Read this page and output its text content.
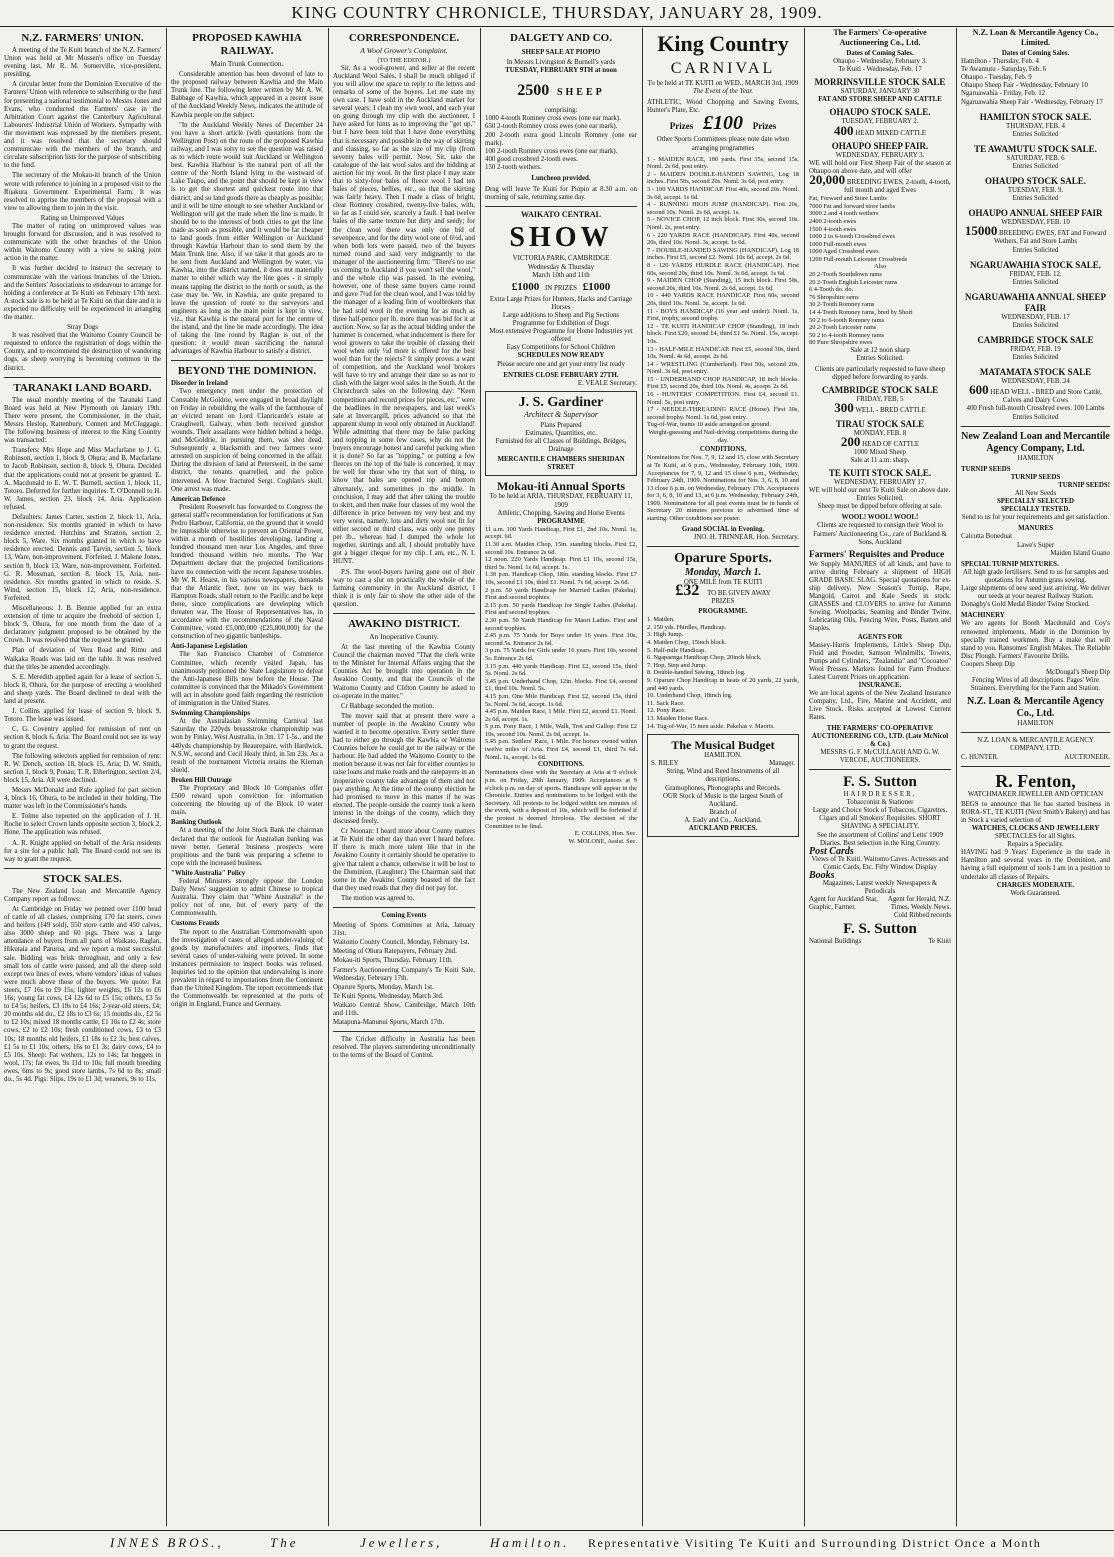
KING COUNTRY CHRONICLE, THURSDAY, JANUARY 28, 1909.
N.Z. FARMERS' UNION.

A meeting of the Te Kuiti branch of the N.Z. Farmers' Union was held at Mr Mussen's office on Tuesday evening last, Mr R. M. Somerville, vice-president, presiding.

A circular letter from the Dominion Executive of the Farmers' Union with reference to subscribing to the fund for presenting a national testimonial to Messrs Jones and Evans, who conducted the Farmers' case in the Arbitration Court against the Canterbury Agricultural Labourers' Industrial Union of Workers. Sympathy with the movement was expressed by the members present, and it was resolved that the secretary should communicate with the members of the branch, and circulate subscription lists for the purpose of subscribing to the fund.

The secretary of the Mokau-iti branch of the Union wrote with reference to joining in a proposed visit to the Ruakura Government Experimental Farm. It was resolved to apprise the members of the proposal with a view to allowing them to join in the visit.

Rating on Unimproved Values

The matter of rating on unimproved values was brought forward for discussion, and it was resolved to communicate with the other branches of the Union within Waitomo County with a view to taking joint action in the matter.

It was further decided to instruct the secretary to communicate with the various branches of the Union, and the Settlers' Associations to endeavour to arrange for holding a conference at Te Kuiti on February 17th next. A stock sale is to be held at Te Kuiti on that date and it is expected no difficulty will be experienced in arranging the matter.

Stray Dogs

It was resolved that the Waitomo County Council be requested to enforce the registration of dogs within the County, and to recommend the destruction of wandering dogs, as sheep worrying is becoming common in the district.

TARANAKI LAND BOARD.

The usual monthly meeting of the Taranaki Land Board was held at New Plymouth on January 19th. There were present, the Commissioner, in the chair, Messrs Heslop, Rattenbury, Connett and McCluggage. The following business of interest to the King Country was transacted:

Transfers: Mrs Hope and Miss Macfarlane to J. G. Robinson, section 1, block 9, Ohura; and B. Macfarlane to Jacob Robinson, section 8, block 9, Ohura. Decided that the applications could not at present be granted. E. A. Macdonald to E. W. T. Burnell, section 1, block 11, Totoro. Deferred for further inquiries. T. O'Donnell to H. W. James, section 23, block 14, Aria. Application refused.

Defaulters: James Carter, section 2, block 11, Aria, non-residence. Six months granted in which to have residence erected. Hutchins and Stratton, section 2, block 5, Ware. Six months granted in which to have residence erected. Dennis and Tarvin, section 5, block 13, Ware, non-improvement. Forfeited. J. Malone Jones, section 9, block 13, Ware, non-improvement. Forfeited. G. R. Mossman, section 8, block 15, Aria, non-residence. Six months granted in which to reside. S. Wind, section 15, block 12, Aria, non-residence. Forfeited.

Miscellaneous: J. B. Bennie applied for an extra extension of time to acquire the freehold of section 1, block 9, Ohura, for one month from the date of a declaratory judgment proposed to be obtained by the Crown. It was resolved that the request be granted.

Plan of deviation of Vera Road and Rimu and Waikaka Roads was laid on the table. It was resolved that the titles be amended accordingly.

S. E. Meredith applied again for a lease of section 5, block 8, Ohura, for the purpose of erecting a woolshed and sheep yards. The Board declined to deal with the land at present.

J. Collins applied for lease of section 9, block 9, Totoro. The lease was issued.

C. G. Coventry applied for remission of rent on section 8, block 6, Aria. The Board could not see its way to grant the request.

The following selectors applied for remission of rent: R. W. Dench, section 18, block 15, Aria; D. W. Smith, section 1, block 9, Pouau; T. R. Etherington, section 2/4, block 15, Aria. All were declined.

Messrs McDonald and Rule applied for part section 4, block 16, Ohura, to be included in their holding. The matter was left in the Commissioner's hands.

E. Tolme also reported on the application of J. H. Roche to select Crown lands opposite section 3, block 2, Hone. The application was refused.

A. R. Knight applied on behalf of the Aria residents for a site for a public hall. The Board could not see its way to grant the request.

STOCK SALES.

The New Zealand Loan and Mercantile Agency Company report as follows:

At Cambridge on Friday we penned over 1100 head of cattle of all classes, comprising 170 fat steers, cows and heifers (149 sold), 550 store cattle and 450 calves, also 3000 sheep and 60 pigs. There was a large attendance of buyers from all parts of Waikato, Raglan, Hikutaia and Paturoa, and we report a most successful sale. Bidding was brisk throughout, and only a few small lots of cattle were passed, and all the sheep sold except two lines of ewes, where vendors' ideas of values were much above those of the buyers. We quote: Fat steers, £7 16s to £9 15s; lighter weights, £6 12s to £6 16s; young fat cows, £4 12s 6d to £5 15s; others, £3 5s to £4 5s; heifers, £3 19s to £4 16s; 2-year-old steers, £4; 20 months old do., £2 18s to £3 6s; 15 months do., £2 5s to £2 10s; mixed 18 months cattle, £1 16s to £2 4s; store cows, £2 to £2 10s; fresh conditioned cows, £3 to £3 10s; 18 months old heifers, £1 18s to £2 3s; best calves, £1 5s to £1 10s; others, 16s to £1 3s; dairy cows, £4 to £5 10s. Sheep: Fat wethers, 12s to 14s; fat hoggets in wool, 17s; fat ewes, 9s 11d to 10s; full mouth breeding ewes, 6ms to 9s; good store lambs, 7s 6d to 8s; small do., 5s 4d. Pigs: Slips, 19s to £1 3d; weaners, 9s to 11s.

PROPOSED KAWHIA RAILWAY.
Main Trunk Connection.

Considerable attention has been devoted of late to the proposed railway between Kawhia and the Main Trunk line. The following letter written by Mr A. W. Babbage of Kawhia, which appeared in a recent issue of the Auckland Weekly News, indicates the attitude of Kawhia people on the subject:

"In the Auckland Weekly News of December 24 you have a short article (with quotations from the Wellington Post) on the route of the proposed Kawhia railway, and I was sorry to see the question was raised as to which route would suit Auckland or Wellington best. Kawhia Harbour is the natural port of all the centre of the North Island lying to the westward of Lake Taupo, and the point that should be kept in view is to get the shortest and quickest route into that district, and so land goods there as cheaply as possible; and it will be time enough to see whether Auckland or Wellington will get the trade when the line is made. It should be to the interests of both cities to get the line made as soon as possible, and it would be far cheaper to land goods from either Wellington or Auckland through Kawhia Harbour than to send them by the Main Trunk line. Also, if we take it that goods are to be sent from Auckland and Wellington by water, via Kawhia, into the district named, it does not materially matter to either which way the line goes - it simply means tapping the district to the north or south, as the case may be. We, in Kawhia, are quite prepared to leave the question of route to the surveyors and engineers as long as the main point is kept in view, viz., that Kawhia is the natural port for the centre of the island, and the line be made accordingly. The idea of taking the line round by Raglan is out of the question; it would mean sacrificing the natural advantages of Kawhia Harbour to satisfy a district.

BEYOND THE DOMINION.
Disorder in Ireland

Two emergency men under the protection of Constable McGoldrie, were engaged in broad daylight on Friday in rebuilding the walls of the farmhouse of an evicted tenant on Lord Clanricarde's estate at Craughwell, Galway, when both received gunshot wounds. Their assailants were hidden behind a hedge, and McGoldrie, in pursuing them, was shot dead. Subsequently a blacksmith and two farmers were arrested on suspicion of being concerned in the affair. During the division of land at Petersweil, in the same district, the tenants quarrelled, and the police intervened. A blow fractured Sergt. Coghlan's skull. One arrest was made.

American Defence

President Roosevelt has forwarded to Congress the general staff's recommendation for fortifications at San Pedro Harbour, California, on the ground that it would be impossible otherwise to prevent an Oriental Power, within a month of hostilities developing, landing a hundred thousand men near Los Angeles, and three hundred thousand within two months. The War Department declare that the projected fortifications have no connection with the recent Japanese troubles. Mr W. R. Hearst, in his various newspapers, demands that the Atlantic fleet, now on its way back to Hampton Roads, shall return to the Pacific and be kept there, since complications are developing which threaten war. The House of Representatives has, in accordance with the recommendations of the Naval Committee, voted £5,000,000 (£25,800,000) for the construction of two gigantic battleships.

Anti-Japanese Legislation

The San Francisco Chamber of Commerce Committee, which recently visited Japan, has unanimously petitioned the State Legislature to defeat the Anti-Japanese Bills now before the House. The committee is convinced that the Mikado's Government will act in absolute good faith regarding the restriction of immigration in the United States.

Swimming Championships

At the Australasian Swimming Carnival last Saturday the 220yds breaststroke championship was won by Finlay, West Australia, in 3m. 17 1-5s., and the 440yds championship by Beaurepaire, with Hardwick, N.S.W., second and Cecil Healy third, in 5m 23s. As a result of the tournament Victoria retains the Kiernan shield.

Broken Hill Outrage

The Proprietary and Block 10 Companies offer £500 reward upon conviction for information concerning the blowing up of the Block 10 water main.

Banking Outlook

At a meeting of the Joint Stock Bank the chairman declared that the outlook for Australian banking was never better. General business prospects were propitious and the bank was preparing a scheme to cope with the increased business.

"White Australia" Policy

Federal Ministers strongly oppose the London Daily News' suggestion to admit Chinese to tropical Australia. They claim that "White Australia" is the policy not of one, but of every party of the Commonwealth.

Customs Frauds

The report to the Australian Commonwealth upon the investigation of cases of alleged under-valuing of goods by manufacturers and importers, finds that several cases of under-valuing were proved. In some instances permission to inspect books was refused. Inquiries led to the opinion that undervaluing is more prevalent in regard to importations from the Continent than the United Kingdom. The report recommends that the Commonwealth be represented at the ports of origin in England, France and Germany.

CORRESPONDENCE.
A Wool Grower's Complaint.
(TO THE EDITOR.)

Sir, As a wool-grower, and seller at the recent Auckland Wool Sales, I shall be much obliged if you will allow me space to reply to the letters and remarks of some of the buyers. Let me state my own case. I have sold in the Auckland market for several years; I clean my own wool, and each year on going through my clip with the auctioneer, I have asked for hints as to improving the "get up," but I have been told that I have done everything that is necessary and possible in the way of skirting and classing, so far as the size of my clip (from seventy bales will permit. Now, Sir, take the catalogue of the last wool sales and the bidding at auction for my wool. In the first place I may state that to sixty-four bales of fleece wool I had ten bales of pieces, bellies, etc., so that the skirting was fairly heavy. Then I made a class of bright, clear Romney crossbred, twenty-five bales, with, so far as I could see, scarcely a fault. I had twelve bales of the same texture but dirty and seedy; for the clean wool there was only one bid of sevenpence, and for the dirty wool one of 6½d, and when both lots were passed, two of the buyers turned round and said very indignantly to the manager of the auctioneering firm: "There's no use us coming to Auckland if you won't sell the wool," and the whole clip was passed. In the evening, however, one of those same buyers came round and gave 7¼d for the clean wool, and I was told by the manager of a leading firm of woolbrokers that he had sold wool in the evening for as much as three half-pence per lb. more than was bid for it at auction. Now, so far as the actual bidding under the hammer is concerned, what inducement is there for wool growers to take the trouble of classing their wool when only ½d more is offered for the best wool than for the rejects? It simply proves a want of competition, and the Auckland wool brokers will have to try and arrange their date so as not to clash with the larger wool sales in the South. At the Christchurch sales on the following day: "Keen competition and record prices for pieces, etc," were the headlines in the newspapers, and last week's sale at Invercargill, prices advanced so that the apparent slump in wool only obtained in Auckland! While admitting that there may be false packing and topping in some few cases, why do not the buyers encourage honest and careful packing when it is done? So far as "topping," or putting a few fleeces on the top of the bale is concerned, it may be well for those who try that sort of thing, to know that bales are opened top and bottom alternately, and sometimes in the middle. In conclusion, I may add that after taking the trouble to skirt, and then make four classes of my wool the difference in price between my very best and my very worst, namely, lots and dirty wool not fit for either second or third class, was only one penny per lb., whereas had I dumped the whole lot together, skirtings and all, I should probably have got a bigger cheque for my clip. I am, etc., N. I. HUNT.

P.S. The wool-buyers having gone out of their way to cast a slur on practically the whole of the farming community in the Auckland district, I think it is only fair to show the other side of the question.

AWAKINO DISTRICT.
An Inoperative County.

At the last meeting of the Kawhia County Council the chairman moved "That the clerk write to the Minister for Internal Affairs urging that the Counties Act be brought into operation in the Awakino County, and that the Councils of the Waitomo County and Clifton County be asked to co-operate in the matter."

Cr Babbage seconded the motion.

The mover said that at present there were a number of people in the Awakino County who wanted it to become operative. Every settler there had to either go through the Kawhia or Waitomo Counties before he could get to the railway or the harbour. He had added the Waitomo County to the motion because it was not fair for either counties to raise loans and make roads and the ratepayers in an inoperative county take advantage of them and not pay anything. At the time of the county election he had promised to move in this matter if he was elected. The people outside the county took a keen interest in the doings of the county, which they discussed freely.

Cr Noonan: I heard more about County matters at Te Kuiti the other day than ever I heard before. If there is much more talent like that in the Awakino County it certainly should be operative to give that talent a chance, otherwise it will be lost to the Dominion. (Laughter.) The Chairman said that some in the Awakino County boasted of the fact that they used roads that they did not pay for.

The motion was agreed to.

Coming Events
Meeting of Sports Committee at Aria, January 31st.
Waitomo County Council, Monday, February 1st.
Meeting of Ohura Ratepayers, February 2nd.
Mokau-iti Sports, Thursday, February 11th.
Farmer's Auctioneering Company's Te Kuiti Sale, Wednesday, February 17th.
Oparure Sports, Monday, March 1st.
Te Kuiti Sports, Wednesday, March 3rd.
Waikato Central Show, Cambridge, March 10th and 11th.
Matapuna-Manunui Sports, March 17th.

The Cricket difficulty in Australia has been resolved. The players surrendering unconditionally to the terms of the Board of Control.

DALGETY AND CO.
SHEEP SALE AT PIOPIO
In Messrs Livingston & Burnell's yards
TUESDAY, FEBRUARY 9TH at noon
2500 SHEEP
comprising:
1000 4-tooth Romney cross ewes (one ear mark).
650 2-tooth Romney cross ewes (one ear mark).
200 2-tooth extra good Lincoln Romney (one ear mark).
100 2-tooth Romney cross ewes (one ear mark).
400 good crossbred 2-tooth ewes.
150 2-tooth wethers.
Luncheon provided.
Drag will leave Te Kuiti for Piopio at 8.30 a.m. on morning of sale, returning same day.
WAIKATO CENTRAL
SHOW
VICTORIA PARK, CAMBRIDGE
Wednesday & Thursday
March 10th and 11th
£1000 IN PRIZES £1000
Extra Large Prizes for Hunters, Hacks and Carriage Horses
Large additions to Sheep and Pig Sections
Programme for Exhibition of Dogs
Most extensive Programme for Home Industries yet offered
Easy Competitions for School Children
SCHEDULES NOW READY
Please secure one and get your entry list ready
ENTRIES CLOSE FEBRUARY 27TH.
E. VEALE Secretary.
J. S. Gardiner
Architect & Supervisor
Plans Prepared
Estimates, Quantities, etc.
Furnished for all Classes of Buildings, Bridges, Drainage
MERCANTILE CHAMBERS SHERIDAN STREET
Mokau-iti Annual Sports
To be held at ARIA, THURSDAY, FEBRUARY 11, 1909
Athletic, Chopping, Sawing and Horse Events
PROGRAMME
11 a.m. 100 Yards Handicap, First £1, 2nd 10s. Noml. 1s, accept. 6d.
11.30 a.m. Maiden Chop, 15in. standing blocks. First £2, second 10s. Entrance 2s 6d.
12 noon. 220 Yards Handicap. First £1 10s, second 15s, third 5s. Noml. 1s 6d, accept. 1s.
1.30 p.m. Handicap Chop, 18in. standing blocks. First £7 10s, second £1 10s, third £1. Noml. 7s 6d, accept. 2s 6d.
2 p.m. 50 yards Handicap for Married Ladies (Pakeha). First and second trophies.
2.15 p.m. 50 yards Handicap for Single Ladies (Pakeha). First and second trophies.
2.30 p.m. 50 Yards Handicap for Maori Ladies. First and second trophies.
2.45 p.m. 75 Yards for Boys under 16 years. First 10s, second 5s. Entrance 2s 6d.
3 p.m. 75 Yards for Girls under 16 years. First 10s, second 5s. Entrance 2s 6d.
3.15 p.m. 440 yards Handicap. First £2, second 15s, third 5s. Noml. 2s 6d.
3.45 p.m. Underhand Chop, 12in. blocks. First £4, second £1, third 10s. Noml. 5s.
4.15 p.m. One Mile Handicap. First £2, second 15s, third 5s. Noml. 3s 6d, accept. 1s 6d.
4.45 p.m. Maiden Race, 1 Mile. First £2, second £1. Noml. 2s 6d, accept. 1s.
5 p.m. Pony Race, 1 Mile, Walk, Trot and Gallop. First £2 10s, second 10s. Noml. 2s 6d, accept. 1s.
5.45 p.m. Settlers' Race, 1 Mile. For horses owned within twelve miles of Aria. First £4, second £1, third 7s 6d. Noml. 1s, accept. 1s 6d.
CONDITIONS.
Nominations close with the Secretary at Aria at 9 o'clock p.m. on Friday, 29th January, 1909. Acceptances at 9 o'clock p.m. on day of sports. Handicaps will appear in the Chronicle. Entries and nominations to be lodged with the Secretary. All protests to be lodged within ten minutes of the event, with a deposit of 10s, which will be forfeited if the protest is deemed frivolous. The decision of the Committee to be final.
E. COLLINS, Hon. Sec.
W. MOLONE, Assist. Sec.
King Country
CARNIVAL
To be held at TE KUITI on WED., MARCH 3rd, 1909
The Event of the Year.
ATHLETIC, Wood Chopping and Sawing Events, Hunter's Plate, Etc.
Prizes £100 Prizes
Other Sports Committees please note date when arranging programmes
1 - MAIDEN RACE, 100 yards. First 35s, second 15s. Noml. 2s 6d, post entry.
2 - MAIDEN DOUBLE-HANDED SAWING, Log 18 inches. First 50s, second 20s. Noml. 3s 6d, post entry.
3 - 100 YARDS HANDICAP. First 40s, second 20s. Noml. 3s 6d, accept. 1s 6d.
4 - RUNNING HIGH JUMP (HANDICAP). First 20s, second 10s. Noml. 2s 6d, accept. 1s.
5 - NOVICE CHOP, 12 inch block. First 30s, second 10s. Noml. 2s, post entry.
6 - 220 YARDS RACE (HANDICAP). First 40s, second 20s, third 10s. Noml. 3s, accept. 1s 6d.
7 - DOUBLE-HANDED SAWING (HANDICAP). Log 18 inches. First £5, second £2. Noml. 10s 6d, accept. 2s 6d.
8 - 120 YARDS HURDLE RACE (HANDICAP). First 60s, second 20s, third 10s. Noml. 3s 6d, accept. 1s 6d.
9 - MAIDEN CHOP (Standing), 15 inch block. First 50s, second 20s, third 10s. Noml. 2s 6d, accept. 1s 6d.
10 - 440 YARDS RACE HANDICAP. First 60s, second 20s, third 10s. Noml. 3s, accept. 1s 6d.
11 - BOYS HANDICAP (16 year and under). Noml. 1s. First, trophy, second trophy.
12 - TE KUITI HANDICAP CHOP (Standing), 18 inch block. First £20, second £4, third £1 5s. Noml. 15s, accept. 10s.
13 - HALF-MILE HANDICAP. First £5, second 30s, third 10s. Noml. 4s 6d, accept. 2s 6d.
14 - WRESTLING (Cumberland). First 50s, second 20s. Noml. 3s 6d, post entry.
15 - UNDERHAND CHOP HANDICAP, 18 inch blocks. First £5, second 20s, third 10s. Noml. 4s, accept. 2s 6d.
16 - HUNTERS' COMPETITION. First £4, second £1. Noml. 5s, post entry.
17 - NEEDLE-THREADING RACE (Horse). First 30s, second trophy. Noml. 1s 6d, post entry.
Tug-of-War, teams 10 aside arranged on ground.
Weight-guessing and Nail-driving competitions during the day.
CONDITIONS.
Nominations for Nos. 7, 9, 12 and 15, close with Secretary at Te Kuiti, at 6 p.m., Wednesday, February 10th, 1909. Acceptances for 7, 9, 12 and 15 close 6 p.m., Wednesday, February 24th, 1909. Nominations for Nos. 3, 6, 8, 10 and 13 close 6 p.m. on Wednesday, February 17th. Acceptances for 3, 6, 8, 10 and 13, at 6 p.m. Wednesday, February 24th, 1909. Nominations for all post events must be in hands of Secretary 20 minutes previous to advertised time of starting. Other conditions see poster.
Grand SOCIAL in Evening.
JNO. H. TRINNEAR, Hon. Secretary.
Oparure Sports.
Monday, March 1.
ONE MILE from TE KUITI
£32 TO BE GIVEN AWAY
PRIZES
PROGRAMME.
1. Maiden.
2. 150 yds. Hurdles, Handicap.
3. High Jump.
4. Maiden Chop, 15inch block.
5. Half-mile Handicap.
6. Ngapaenga Handicap Chop, 20inch block.
7. Hop, Step and Jump.
8. Double-handed Sawing, 18inch log.
9. Oparure Chop Handicap in heats of 20 yards, 22 yards, and 440 yards.
10. Underhand Chop, 18inch log.
11. Sack Race.
12. Pony Race.
13. Maiden Horse Race.
14. Tug-of-War, 15 men aside. Pakehas v. Maoris.
The Musical Budget
HAMILTON.
S. RILEY	Manager.
String, Wind and Reed Instruments of all descriptions.
Gramophones, Phonographs and Records.
OUR Stock of Music is the largest South of Auckland.
Branch of
A. Eady and Co., Auckland.
AUCKLAND PRICES.
The Farmers' Co-operative Auctioneering Co., Ltd.
Dates of Coming Sales.
Ohaupo - Wednesday, February 3.
Te Kuiti - Wednesday, Feb. 17
MORRINSVILLE STOCK SALE
SATURDAY, JANUARY 30
FAT AND STORE SHEEP AND CATTLE
OHAUPO STOCK SALE.
TUESDAY, FEBRUARY 2.
400 HEAD MIXED CATTLE
OHAUPO SHEEP FAIR.
WEDNESDAY, FEBRUARY 3.
WE will hold our First Sheep Fair of the season at Ohaupo on above date, and will offer
20,000 BREEDING EWES, 2-tooth, 4-tooth, full mouth and aged Ewes
Fat, Forward and Store Lambs
7000 Fat and forward store lambs
3000 2 and 4 tooth wethers
2400 2-tooth ewes
1500 4-tooth ewes
1000 2 to 6-tooth Crossbred ewes
1000 Full-mouth ewes
1000 Aged Crossbred ewes
1200 Full-mouth Leicester Crossbreds
Also
20 2-Tooth Southdown rams
20 2-Tooth English Leicester rams
6 4-Tooth do. do.
76 Shropshire rams
30 2-Tooth Romney rams
14 4-Tooth Romney rams, bred by Short
50 2 to 6-tooth Romney rams
20 2-Tooth Leicester rams
50 2 to 4-tooth Romney rams
80 Pure Shropshire ewes
Sale at 12 noon sharp
Entries Solicited.
Clients are particularly requested to have sheep dipped before forwarding to yards.
CAMBRIDGE STOCK SALE
FRIDAY, FEB. 5
300 WELL - BRED CATTLE
TIRAU STOCK SALE
MONDAY, FEB. 8
200 HEAD OF CATTLE
1000 Mixed Sheep
Sale at 11 a.m. sharp.
TE KUITI STOCK SALE.
WEDNESDAY, FEBRUARY 17.
WE will hold our next Te Kuiti Sale on above date.
Entries Solicited.
Sheep must be dipped before offering at sale.
WOOL! WOOL! WOOL!
Clients are requested to consign their Wool to Farmers' Auctioneering Co., care of Buckland & Sons, Auckland
Farmers' Requisites and Produce
We Supply MANURES of all kinds, and have to arrive during February a shipment of HIGH GRADE BASIC SLAG. Special quotations for ex-ship delivery. New Season's Turnip, Rape, Mangold, Carrot and Kale Seeds in stock. GRASSES and CLOVERS to arrive for Autumn Sowing. Woolpacks, Seaming and Binder Twine, Lubricating Oils, Fencing Wire, Posts, Batten and Staples.
AGENTS FOR
Massey-Harris Implements, Little's Sheep Dip, Fluid and Powder, Samson Windmills, Towers, Pumps and Cylinders, "Zealandia" and "Cocoatoo" Wool Presses. Markets found for Farm Produce. Latest Current Prices on application.
INSURANCE.
We are local agents of the New Zealand Insurance Company, Ltd., Fire, Marine and Accident, and Live Stock. Risks accepted at Lowest Current Rates.
THE FARMERS' CO-OPERATIVE AUCTIONEERING CO., LTD. (Late McNicol & Co.)
MESSRS G. F. McCULLAGH AND G. W. VERCOE, AUCTIONEERS.
F. S. Sutton
HAIRDRESSER,
Tobacconist & Stationer
Large and Choice Stock of Tobaccos, Cigarettes, Cigars and all Smokers' Requisites. SHORT SHAVING A SPECIALITY.
See the assortment of Collins' and Letts' 1909 Diaries. Best selection in the King Country.
Post Cards
Views of Te Kuiti. Waitomo Caves. Actresses and Comic Cards, Etc. Fifty Window Display
Books
Magazines, Latest weekly Newspapers & Periodicals
Agent for Auckland Star, Graphic, Farmer.
Agent for Herald, N.Z. Times, Weekly News. Cold Ribbed records
F. S. Sutton
National Buildings	Te Kuiti
N.Z. Loan & Mercantile Agency Co., Limited.
Dates of Coming Sales.
Hamilton - Thursday, Feb. 4
Te Awamutu - Saturday, Feb. 6
Ohaupo - Tuesday, Feb. 9
Ohaupo Sheep Fair - Wednesday, February 10
Ngaruawahia - Friday, Feb. 12
Ngaruawahia Sheep Fair - Wednesday, February 17
HAMILTON STOCK SALE.
THURSDAY, FEB. 4
Entries Solicited
TE AWAMUTU STOCK SALE.
SATURDAY, FEB. 6
Entries Solicited
OHAUPO STOCK SALE.
TUESDAY, FEB. 9.
Entries Solicited
OHAUPO ANNUAL SHEEP FAIR
WEDNESDAY, FEB. 10
15000 BREEDING EWES, FAT and Forward Wethers, Fat and Store Lambs
Entries Solicited
NGARUAWAHIA STOCK SALE.
FRIDAY, FEB. 12.
Entries Solicited
NGARUAWAHIA ANNUAL SHEEP FAIR
WEDNESDAY, FEB. 17
Entries Solicited
CAMBRIDGE STOCK SALE
FRIDAY, FEB. 19
Entries Solicited
MATAMATA STOCK SALE
WEDNESDAY, FEB. 24
600 HEAD WELL - BRED and Store Cattle, Calves and Dairy Cows
400 Fresh full-mouth Crossbred ewes. 100 Lambs
Entries Solicited
New Zealand Loan and Mercantile Agency Company, Ltd.
HAMILTON
TURNIP SEEDS
TURNIP SEEDS
TURNIP SEEDS!
All New Seeds
SPECIALLY SELECTED
SPECIALLY TESTED.
Send to us for your requirements and get satisfaction.
MANURES
Calcutta Boneduat
Lawe's Super
Maiden Island Guano
SPECIAL TURNIP MIXTURES.
All high grade fertilisers. Send to us for samples and quotations for Autumn grass sowing.
Large shipments of new seed just arriving. We deliver our seeds at your nearest Railway Station.
Donaghy's Gold Medal Binder Twine Stocked.
MACHINERY
We are agents for Booth Macdonald and Coy's renowned implements, Made in the Dominion by specially trained workmen. Buy a make that will stand to you. Ransomes' English Makes. The Reliable Disc Plough. Farmers' Favourite Drills.
Coopers Sheep Dip
McDougal's Sheep Dip
Fencing Wires of all descriptions. Pages' Wire Strainers. Everything for the Farm and Station.
N.Z. Loan & Mercantile Agency Co., Ltd.
HAMILTON
N.Z. LOAN & MERCANTILE AGENCY COMPANY, LTD.
C. HUNTER.	AUCTIONEER.
R. Fenton,
WATCHMAKER JEWELLER AND OPTICIAN
BEGS to announce that he has started business in RORA-ST., TE KUITI (Next Smith's Bakery) and has in Stock a varied selection of
WATCHES, CLOCKS AND JEWELLERY
SPECTACLES for all Sights.
Repairs a Speciality.
HAVING had 9 Years' Experience in the trade in Hamilton and several years in the Dominion, and having a full equipment of tools I am in a position to undertake all classes of Repairs.
CHARGES MODERATE.
Work Guaranteed.
INNES BROS.,	The	Jewellers,	Hamilton. Representative Visiting Te Kuiti and Surrounding District Once a Month
